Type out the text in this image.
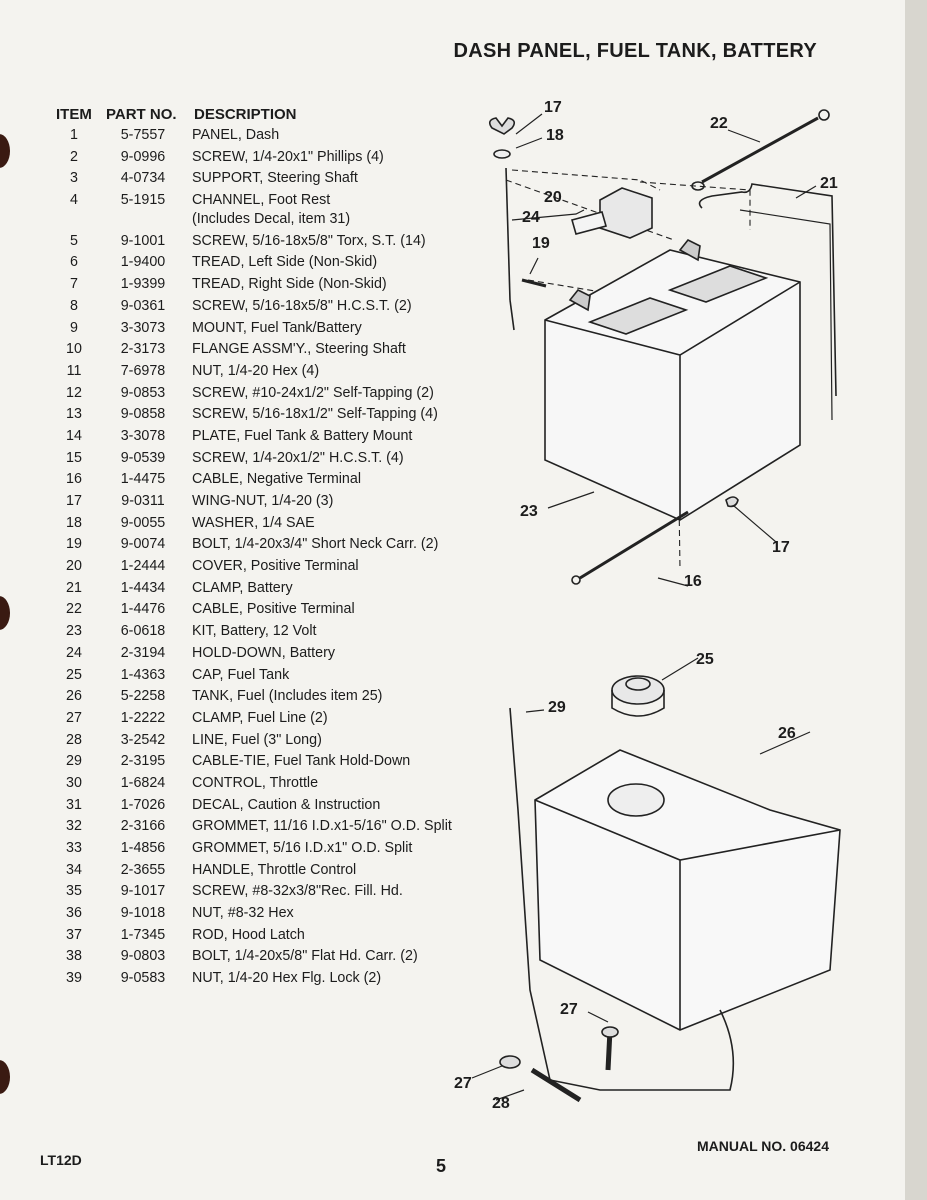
DASH PANEL, FUEL TANK, BATTERY
ITEM PART NO.	DESCRIPTION
1	5-7557	PANEL, Dash
2	9-0996	SCREW, 1/4-20x1" Phillips (4)
3	4-0734	SUPPORT, Steering Shaft
4	5-1915	CHANNEL, Foot Rest
(Includes Decal, item 31)
5	9-1001	SCREW, 5/16-18x5/8" Torx, S.T. (14)
6	1-9400	TREAD, Left Side (Non-Skid)
7	1-9399	TREAD, Right Side (Non-Skid)
8	9-0361	SCREW, 5/16-18x5/8" H.C.S.T. (2)
9	3-3073	MOUNT, Fuel Tank/Battery
10	2-3173	FLANGE ASSM'Y., Steering Shaft
11	7-6978	NUT, 1/4-20 Hex (4)
12	9-0853	SCREW, #10-24x1/2" Self-Tapping (2)
13	9-0858	SCREW, 5/16-18x1/2" Self-Tapping (4)
14	3-3078	PLATE, Fuel Tank & Battery Mount
15	9-0539	SCREW, 1/4-20x1/2" H.C.S.T. (4)
16	1-4475	CABLE, Negative Terminal
17	9-0311	WING-NUT, 1/4-20 (3)
18	9-0055	WASHER, 1/4 SAE
19	9-0074	BOLT, 1/4-20x3/4" Short Neck Carr. (2)
20	1-2444	COVER, Positive Terminal
21	1-4434	CLAMP, Battery
22	1-4476	CABLE, Positive Terminal
23	6-0618	KIT, Battery, 12 Volt
24	2-3194	HOLD-DOWN, Battery
25	1-4363	CAP, Fuel Tank
26	5-2258	TANK, Fuel (Includes item 25)
27	1-2222	CLAMP, Fuel Line (2)
28	3-2542	LINE, Fuel (3" Long)
29	2-3195	CABLE-TIE, Fuel Tank Hold-Down
30	1-6824	CONTROL, Throttle
31	1-7026	DECAL, Caution & Instruction
32	2-3166	GROMMET, 11/16 I.D.x1-5/16" O.D. Split
33	1-4856	GROMMET, 5/16 I.D.x1" O.D. Split
34	2-3655	HANDLE, Throttle Control
35	9-1017	SCREW, #8-32x3/8"Rec. Fill. Hd.
36	9-1018	NUT, #8-32 Hex
37	1-7345	ROD, Hood Latch
38	9-0803	BOLT, 1/4-20x5/8" Flat Hd. Carr. (2)
39	9-0583	NUT, 1/4-20 Hex Flg. Lock (2)
17
18
22
21
20
24
19
23
17
16
25
29
26
27
27
28
LT12D	5
MANUAL NO. 06424
